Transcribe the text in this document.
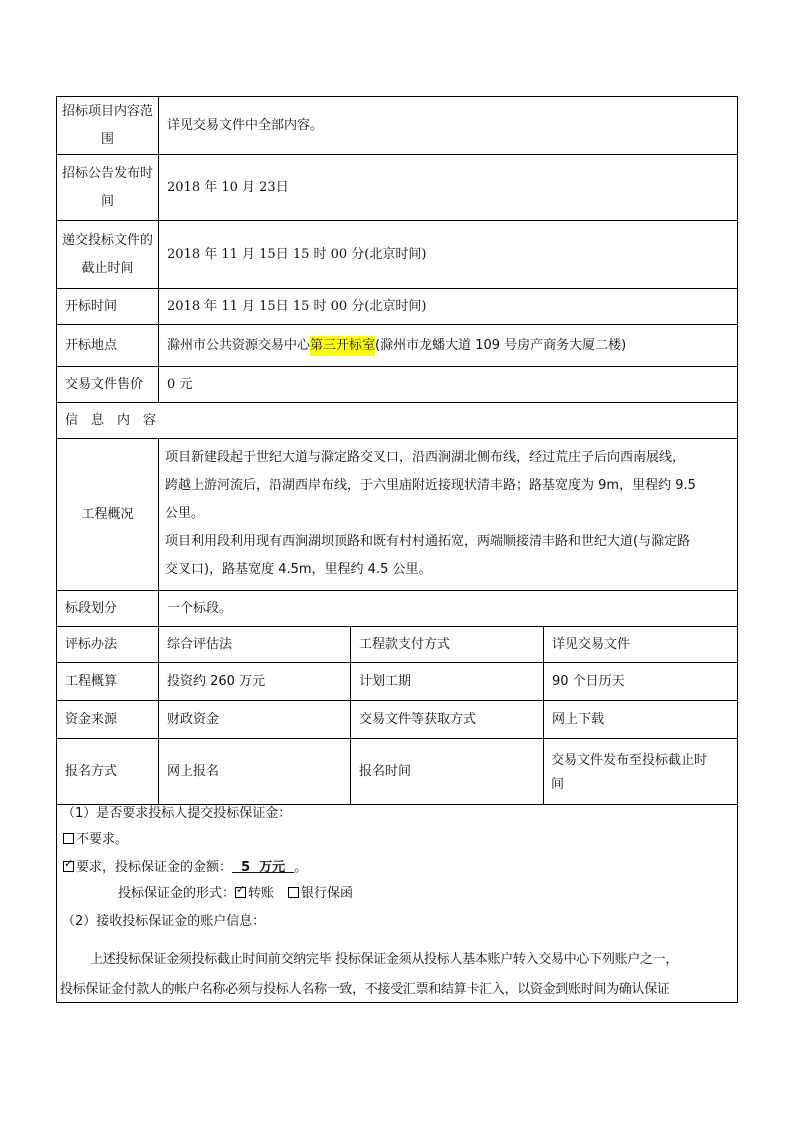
招标项目内容范围
详见交易文件中全部内容。
招标公告发布时间
2018 年 10 月 23日
递交投标文件的截止时间
2018 年 11 月 15日 15 时 00 分(北京时间)
开标时间	2018 年 11 月 15日 15 时 00 分(北京时间)
开标地点	滁州市公共资源交易中心 第三开标室 (滁州市龙蟠大道 109 号房产商务大厦二楼)
交易文件售价 0 元
信　息　内　容
工程概况
项目新建段起于世纪大道与滁定路交叉口，沿西涧湖北侧布线，经过荒庄子后向西南展线，
跨越上游河流后，沿湖西岸布线，于六里庙附近接现状清丰路；路基宽度为 9m，里程约 9.5
公里。
项目利用段利用现有西涧湖坝顶路和既有村村通拓宽，两端顺接清丰路和世纪大道(与滁定路
交叉口)，路基宽度 4.5m，里程约 4.5 公里。
标段划分	一个标段。
评标办法	综合评估法	工程款支付方式	详见交易文件
工程概算	投资约 260 万元	计划工期	90 个日历天
资金来源	财政资金	交易文件等获取方式	网上下载
报名方式	网上报名	报名时间
交易文件发布至投标截止时
间
（1）是否要求投标人提交投标保证金：
不要求。
✓要求，投标保证金的金额：  5  万元  。
投标保证金的形式：✓ 转账 银行保函
（2）接收投标保证金的账户信息：
上述投标保证金须投标截止时间前交纳完毕 投标保证金须从投标人基本账户转入交易中心下列账户之一，
投标保证金付款人的帐户名称必须与投标人名称一致，不接受汇票和结算卡汇入，以资金到账时间为确认保证
